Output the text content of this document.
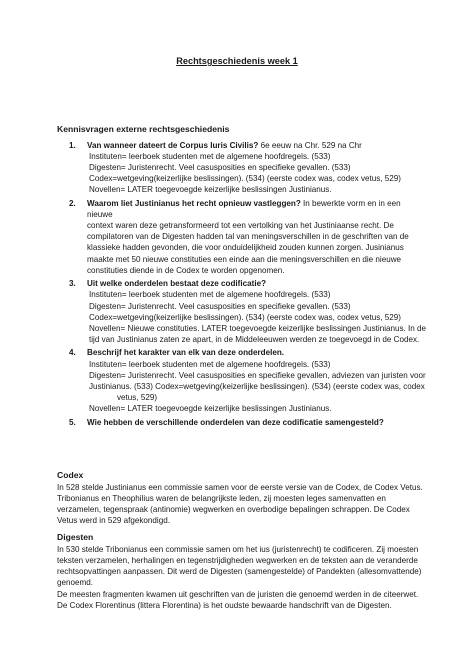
Rechtsgeschiedenis week 1
Kennisvragen externe rechtsgeschiedenis
1. Van wanneer dateert de Corpus Iuris Civilis? 6e eeuw na Chr. 529 na Chr
Instituten= leerboek studenten met de algemene hoofdregels. (533)
Digesten= Juristenrecht. Veel casusposities en specifieke gevallen. (533)
Codex=wetgeving(keizerlijke beslissingen). (534) (eerste codex was, codex vetus, 529)
Novellen= LATER toegevoegde keizerlijke beslissingen Justinianus.
2. Waarom liet Justinianus het recht opnieuw vastleggen? In bewerkte vorm en in een nieuwe
context waren deze getransformeerd tot een vertolking van het Justiniaanse recht. De
compilatoren van de Digesten hadden tal van meningsverschillen in de geschriften van de
klassieke hadden gevonden, die voor onduidelijkheid zouden kunnen zorgen. Jusinianus
maakte met 50 nieuwe constituties een einde aan die meningsverschillen en die nieuwe
constituties diende in de Codex te worden opgenomen.
3. Uit welke onderdelen bestaat deze codificatie?
Instituten= leerboek studenten met de algemene hoofdregels. (533)
Digesten= Juristenrecht. Veel casusposities en specifieke gevallen. (533)
Codex=wetgeving(keizerlijke beslissingen). (534) (eerste codex was, codex vetus, 529)
Novellen= Nieuwe constituties. LATER toegevoegde keizerlijke beslissingen Justinianus. In de
tijd van Justinianus zaten ze apart, in de Middeleeuwen werden ze toegevoegd in de Codex.
4. Beschrijf het karakter van elk van deze onderdelen.
Instituten= leerboek studenten met de algemene hoofdregels. (533)
Digesten= Juristenrecht. Veel casusposities en specifieke gevallen, adviezen van juristen voor
Justinianus. (533) Codex=wetgeving(keizerlijke beslissingen). (534) (eerste codex was, codex
vetus, 529)
Novellen= LATER toegevoegde keizerlijke beslissingen Justinianus.
5. Wie hebben de verschillende onderdelen van deze codificatie samengesteld?
Codex
In 528 stelde Justinianus een commissie samen voor de eerste versie van de Codex, de Codex Vetus.
Tribonianus en Theophilius waren de belangrijkste leden, zij moesten leges samenvatten en
verzamelen, tegenspraak (antinomie) wegwerken en overbodige bepalingen schrappen. De Codex
Vetus werd in 529 afgekondigd.
Digesten
In 530 stelde Tribonianus een commissie samen om het ius (juristenrecht) te codificeren. Zij moesten
teksten verzamelen, herhalingen en tegenstrijdigheden wegwerken en de teksten aan de veranderde
rechtsopvattingen aanpassen. Dit werd de Digesten (samengestelde) of Pandekten (allesomvattende)
genoemd.
De meesten fragmenten kwamen uit geschriften van de juristen die genoemd werden in de citeerwet.
De Codex Florentinus (littera Florentina) is het oudste bewaarde handschrift van de Digesten.
